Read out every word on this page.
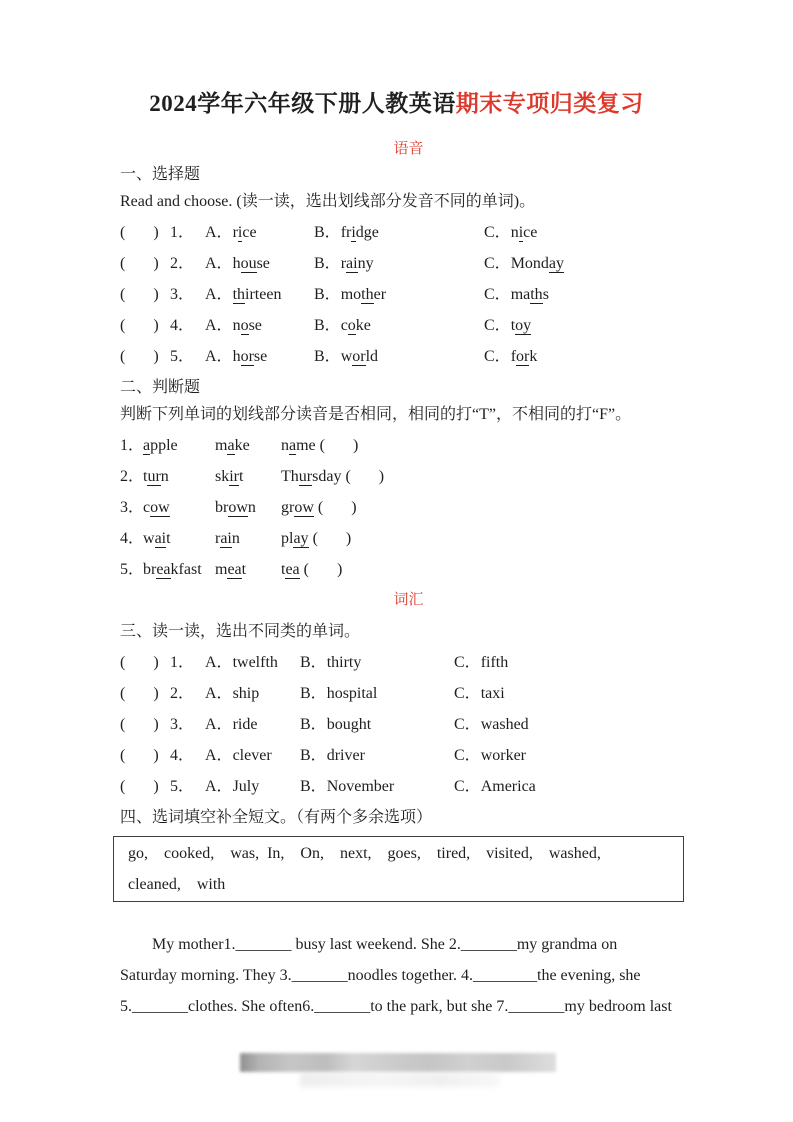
2024学年六年级下册人教英语期末专项归类复习
语音
一、选择题
Read and choose. (读一读，选出划线部分发音不同的单词)。
(       ) 1． A．rice	B．fridge	C．nice
(       ) 2． A．house	B．rainy	C．Monday
(       ) 3． A．thirteen	B．mother	C．maths
(       ) 4． A．nose	B．coke	C．toy
(       ) 5． A．horse	B．world	C．fork
二、判断题
判断下列单词的划线部分读音是否相同，相同的打“T”，不相同的打“F”。
1．
apple	make	name (       )
2．
turn	skirt	Thursday (       )
3．
cow	brown	grow (       )
4．
wait	rain	play (       )
5．
breakfast meat	tea (       )
词汇
三、读一读，选出不同类的单词。
(       ) 1． A．twelfth	B．thirty	C．fifth
(       ) 2． A．ship	B．hospital	C．taxi
(       ) 3． A．ride	B．bought	C．washed
(       ) 4． A．clever	B．driver	C．worker
(       ) 5． A．July	B．November	C．America
四、选词填空补全短文。（有两个多余选项）
go,    cooked,    was,  In,    On,    next,    goes,    tired,    visited,    washed,
cleaned,    with
My mother1._______ busy last weekend. She 2._______my grandma on
Saturday morning. They 3._______noodles together. 4.________the evening, she
5._______clothes. She often6._______to the park, but she 7._______my bedroom last
